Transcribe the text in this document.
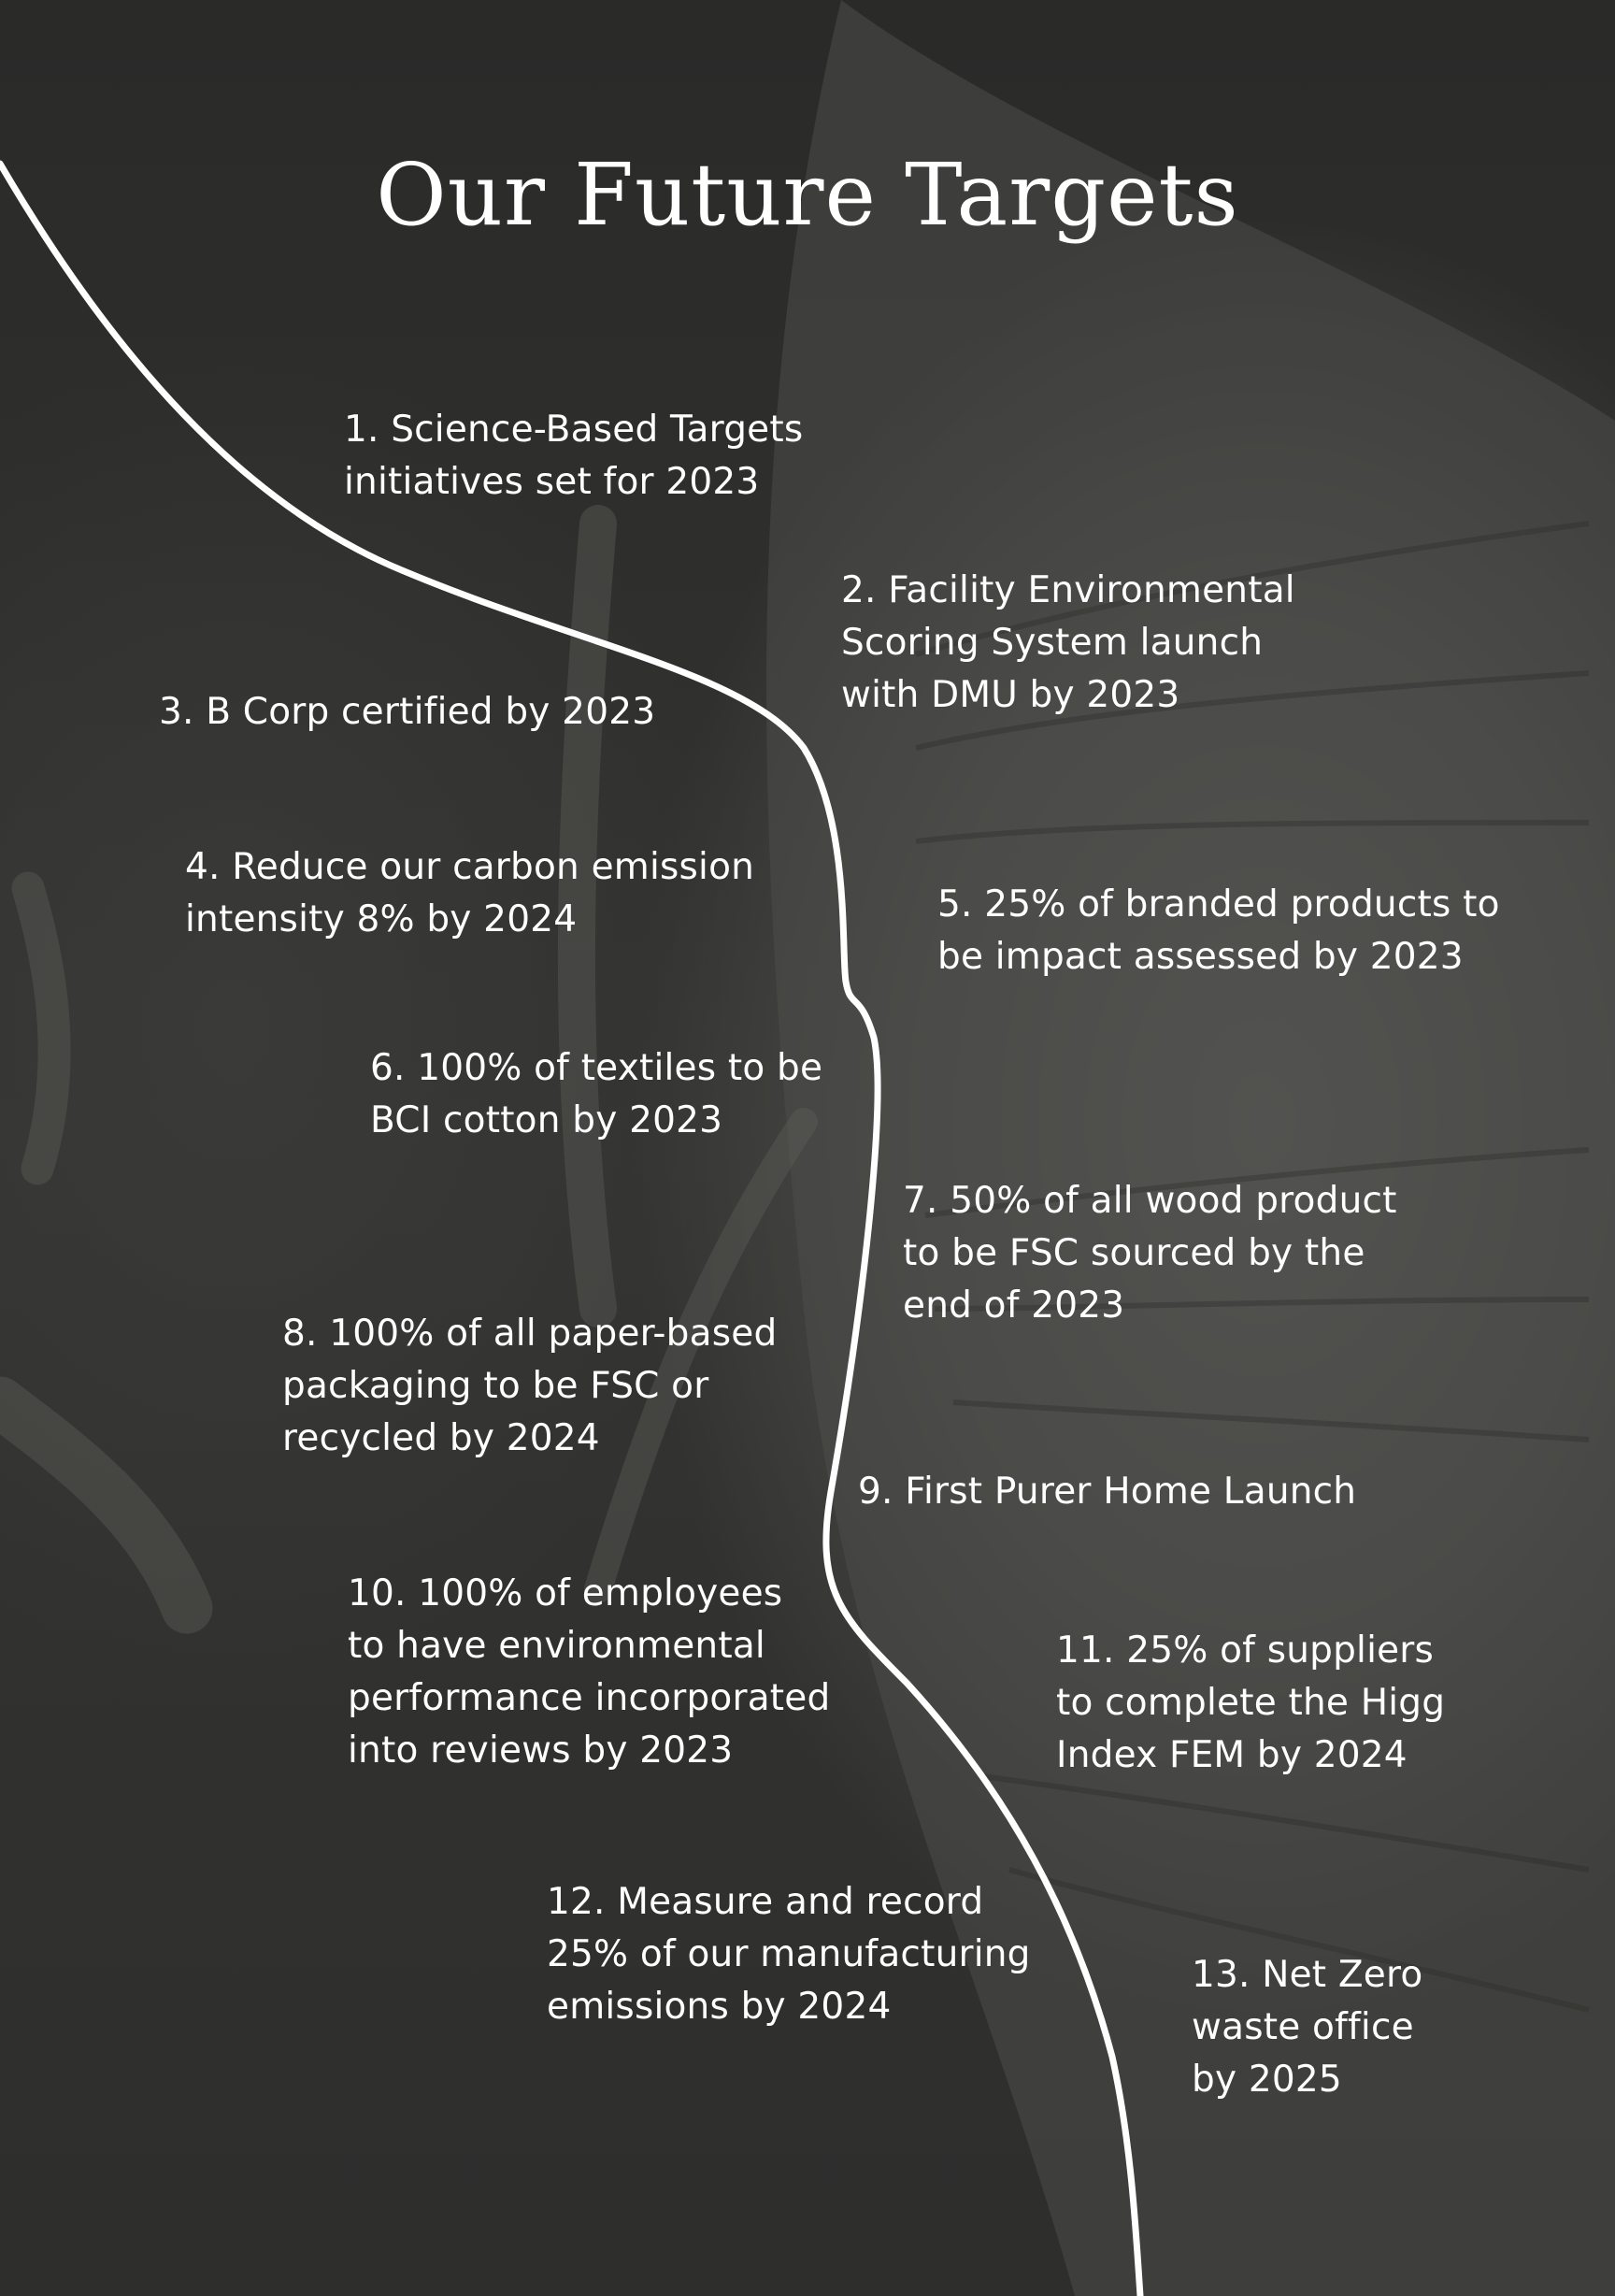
Our Future Targets
1. Science-Based Targets
initiatives set for 2023
2. Facility Environmental
Scoring System launch
with DMU by 2023
3. B Corp certified by 2023
4. Reduce our carbon emission
intensity 8% by 2024	5. 25% of branded products to
be impact assessed by 2023
6. 100% of textiles to be
BCI cotton by 2023
7. 50% of all wood product
to be FSC sourced by the
end of 2023
8. 100% of all paper-based
packaging to be FSC or
recycled by 2024
9. First Purer Home Launch
10. 100% of employees
to have environmental
performance incorporated
into reviews by 2023
11. 25% of suppliers
to complete the Higg
Index FEM by 2024
12. Measure and record
25% of our manufacturing
emissions by 2024
13. Net Zero
waste office
by 2025
